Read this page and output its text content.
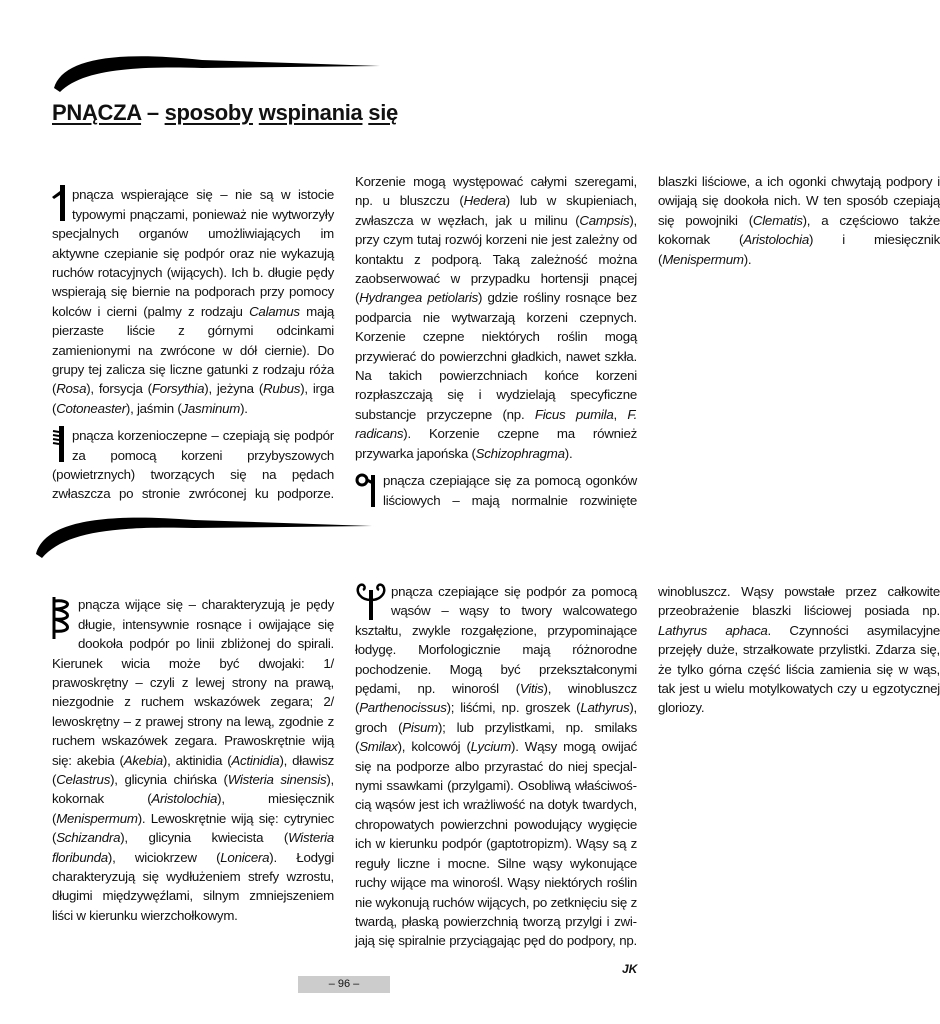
PNĄCZA – sposoby wspinania się

pnącza wspierające się – nie są w istocie typowymi pnączami, ponieważ nie wytworzyły specjalnych organów umożliwiających im aktywne czepianie się podpór oraz nie wykazują ruchów rotacyjnych (wijących). Ich b. długie pędy wspierają się biernie na podporach przy pomocy kolców i cierni (palmy z rodzaju Calamus mają pierzaste liście z górnymi odcinkami zamienionymi na zwrócone w dół ciernie). Do grupy tej zalicza się liczne gatunki z rodzaju róża (Rosa), forsycja (Forsythia), jeżyna (Rubus), irga (Cotoneaster), jaśmin (Jasminum).

pnącza korzenioczepne – czepiają się podpór za pomocą korzeni przybyszowych (powietrznych) tworzących się na pędach zwłaszcza po stronie zwróconej ku podporze. Korzenie mogą występować całymi szeregami, np. u bluszczu (Hedera) lub w skupieniach, zwłaszcza w węzłach, jak u milinu (Campsis), przy czym tutaj rozwój korzeni nie jest zależny od kontaktu z podporą. Taką zależność można zaobserwować w przypadku hortensji pnącej (Hydrangea petiolaris) gdzie rośliny rosnące bez podparcia nie wytwarzają korzeni czepnych. Korzenie czepne niektórych roślin mogą przywierać do powierzchni gładkich, nawet szkła. Na takich powierzchniach końce korzeni rozpłaszczają się i wydzielają specyficzne substancje przyczepne (np. Ficus pumila, F. radicans). Korzenie czepne ma również przywarka japońska (Schizophragma).

pnącza czepiające się za pomocą ogonków liściowych – mają normalnie rozwinięte blaszki liściowe, a ich ogonki chwytają podpory i owijają się dookoła nich. W ten sposób czepiają się powojniki (Clematis), a częściowo także kokornak (Aristolochia) i miesięcznik (Menispermum).

pnącza wijące się – charakteryzują je pędy długie, intensywnie rosnące i owijające się dookoła podpór po linii zbliżonej do spirali. Kierunek wicia może być dwojaki: 1/ prawoskrętny – czyli z lewej strony na prawą, niezgodnie z ruchem wskazówek zegara; 2/ lewoskrętny – z prawej strony na lewą, zgodnie z ruchem wskazówek zegara. Prawoskrętnie wiją się: akebia (Akebia), aktinidia (Actinidia), dławisz (Celastrus), glicynia chińska (Wisteria sinensis), kokornak (Aristolochia), miesięcznik (Menispermum). Lewoskrętnie wiją się: cytryniec (Schizandra), glicynia kwiecista (Wisteria floribunda), wiciokrzew (Lonicera). Łodygi charakteryzują się wydłużeniem strefy wzrostu, długimi międzywęźlami, silnym zmniejszeniem liści w kierunku wierzchołkowym.

pnącza czepiające się podpór za pomocą wąsów – wąsy to twory walcowatego kształtu, zwykle rozgałęzione, przypominające łodygę. Morfologicznie mają różnorodne pochodzenie. Mogą być przekształconymi pędami, np. winorośl (Vitis), winobluszcz (Parthenocissus); liśćmi, np. groszek (Lathyrus), groch (Pisum); lub przylistkami, np. smilaks (Smilax), kolcowój (Lycium). Wąsy mogą owijać się na podporze albo przyrastać do niej specjalnymi ssawkami (przylgami). Osobliwą właściwością wąsów jest ich wrażliwość na dotyk twardych, chropowatych powierzchni powodujący wygięcie ich w kierunku podpór (gaptotropizm). Wąsy są z reguły liczne i mocne. Silne wąsy wykonujące ruchy wijące ma winorośl. Wąsy niektórych roślin nie wykonują ruchów wijących, po zetknięciu się z twardą, płaską powierzchnią tworzą przylgi i zwijają się spiralnie przyciągając pęd do podpory, np. winobluszcz. Wąsy powstałe przez całkowite przeobrażenie blaszki liściowej posiada np. Lathyrus aphaca. Czynności asymilacyjne przejęły duże, strzałkowate przylistki. Zdarza się, że tylko górna część liścia zamienia się w wąs, tak jest u wielu motylkowatych czy u egzotycznej gloriozy.

JK
– 96 –
